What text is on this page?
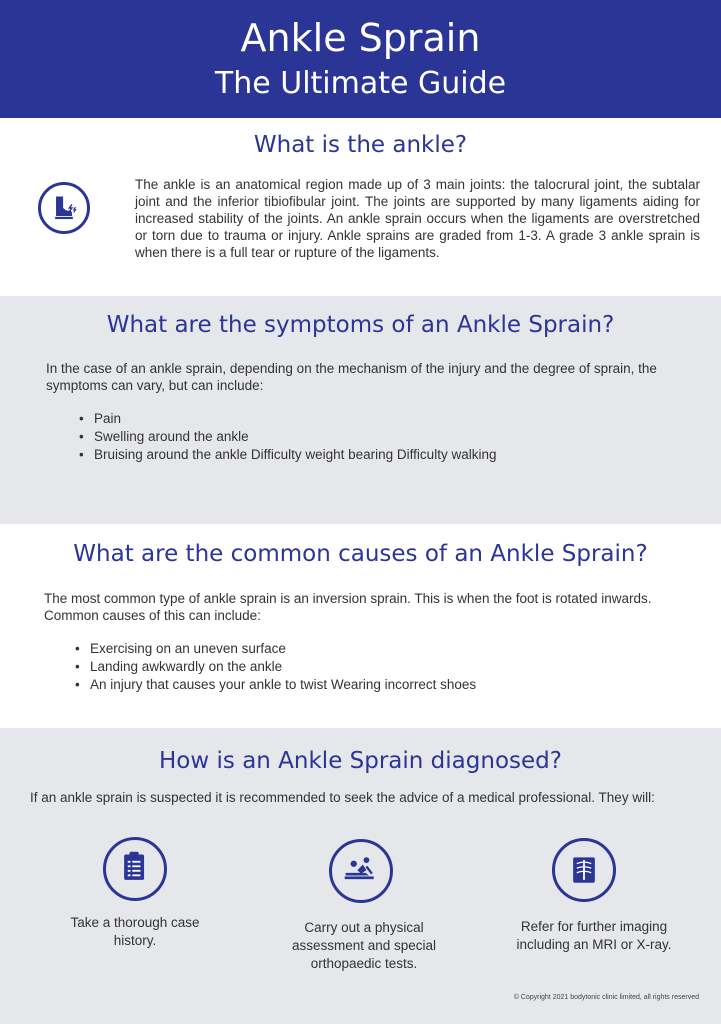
Ankle Sprain
The Ultimate Guide
What is the ankle?

The ankle is an anatomical region made up of 3 main joints: the talocrural joint, the subtalar joint and the inferior tibiofibular joint. The joints are supported by many ligaments aiding for increased stability of the joints. An ankle sprain occurs when the ligaments are overstretched or torn due to trauma or injury. Ankle sprains are graded from 1-3. A grade 3 ankle sprain is when there is a full tear or rupture of the ligaments.

What are the symptoms of an Ankle Sprain?

In the case of an ankle sprain, depending on the mechanism of the injury and the degree of sprain, the symptoms can vary, but can include:

• Pain
• Swelling around the ankle
• Bruising around the ankle Difficulty weight bearing Difficulty walking
What are the common causes of an Ankle Sprain?

The most common type of ankle sprain is an inversion sprain. This is when the foot is rotated inwards. Common causes of this can include:

• Exercising on an uneven surface
• Landing awkwardly on the ankle
• An injury that causes your ankle to twist Wearing incorrect shoes
How is an Ankle Sprain diagnosed?

If an ankle sprain is suspected it is recommended to seek the advice of a medical professional. They will:

Take a thorough case history.
Carry out a physical assessment and special orthopaedic tests.
Refer for further imaging including an MRI or X-ray.
© Copyright 2021 bodytonic clinic limited, all rights reserved
